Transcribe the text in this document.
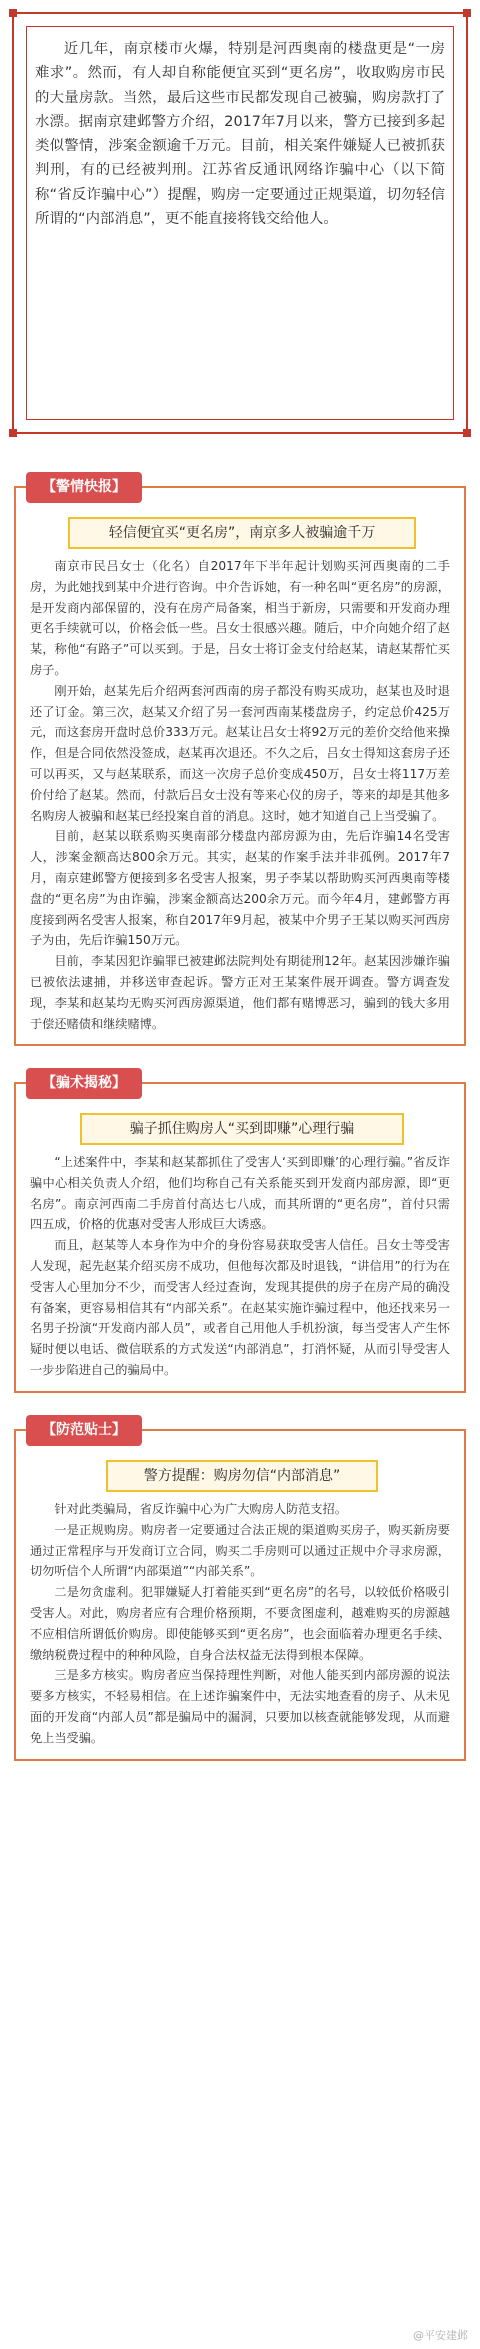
近几年，南京楼市火爆，特别是河西奥南的楼盘更是“一房难求”。然而，有人却自称能便宜买到“更名房”，收取购房市民的大量房款。当然，最后这些市民都发现自己被骗，购房款打了水漂。据南京建邺警方介绍，2017年7月以来，警方已接到多起类似警情，涉案金额逾千万元。目前，相关案件嫌疑人已被抓获判刑，有的已经被判刑。江苏省反通讯网络诈骗中心（以下简称“省反诈骗中心”）提醒，购房一定要通过正规渠道，切勿轻信所谓的“内部消息”，更不能直接将钱交给他人。

【警情快报】
轻信便宜买“更名房”，南京多人被骗逾千万

南京市民吕女士（化名）自2017年下半年起计划购买河西奥南的二手房，为此她找到某中介进行咨询。中介告诉她，有一种名叫“更名房”的房源，是开发商内部保留的，没有在房产局备案，相当于新房，只需要和开发商办理更名手续就可以，价格会低一些。吕女士很感兴趣。随后，中介向她介绍了赵某，称他“有路子”可以买到。于是，吕女士将订金支付给赵某，请赵某帮忙买房子。

刚开始，赵某先后介绍两套河西南的房子都没有购买成功，赵某也及时退还了订金。第三次，赵某又介绍了另一套河西南某楼盘房子，约定总价425万元，而这套房开盘时总价333万元。赵某让吕女士将92万元的差价交给他来操作，但是合同依然没签成，赵某再次退还。不久之后，吕女士得知这套房子还可以再买，又与赵某联系，而这一次房子总价变成450万，吕女士将117万差价付给了赵某。然而，付款后吕女士没有等来心仪的房子，等来的却是其他多名购房人被骗和赵某已经投案自首的消息。这时，她才知道自己上当受骗了。

目前，赵某以联系购买奥南部分楼盘内部房源为由，先后诈骗14名受害人，涉案金额高达800余万元。其实，赵某的作案手法并非孤例。2017年7月，南京建邺警方便接到多名受害人报案，男子李某以帮助购买河西奥南等楼盘的“更名房”为由诈骗，涉案金额高达200余万元。而今年4月，建邺警方再度接到两名受害人报案，称自2017年9月起，被某中介男子王某以购买河西房子为由，先后诈骗150万元。

目前，李某因犯诈骗罪已被建邺法院判处有期徒刑12年。赵某因涉嫌诈骗已被依法逮捕，并移送审查起诉。警方正对王某案件展开调查。警方调查发现，李某和赵某均无购买河西房源渠道，他们都有赌博恶习，骗到的钱大多用于偿还赌债和继续赌博。

【骗术揭秘】
骗子抓住购房人“买到即赚”心理行骗

“上述案件中，李某和赵某都抓住了受害人‘买到即赚’的心理行骗。”省反诈骗中心相关负责人介绍，他们均称自己有关系能买到开发商内部房源，即“更名房”。南京河西南二手房首付高达七八成，而其所谓的“更名房”，首付只需四五成，价格的优惠对受害人形成巨大诱惑。

而且，赵某等人本身作为中介的身份容易获取受害人信任。吕女士等受害人发现，起先赵某介绍买房不成功，但他每次都及时退钱，“讲信用”的行为在受害人心里加分不少，而受害人经过查询，发现其提供的房子在房产局的确没有备案，更容易相信其有“内部关系”。在赵某实施诈骗过程中，他还找来另一名男子扮演“开发商内部人员”，或者自己用他人手机扮演，每当受害人产生怀疑时便以电话、微信联系的方式发送“内部消息”，打消怀疑，从而引导受害人一步步陷进自己的骗局中。

【防范贴士】
警方提醒：购房勿信“内部消息”

针对此类骗局，省反诈骗中心为广大购房人防范支招。

一是正规购房。购房者一定要通过合法正规的渠道购买房子，购买新房要通过正常程序与开发商订立合同，购买二手房则可以通过正规中介寻求房源，切勿听信个人所谓“内部渠道”“内部关系”。

二是勿贪虚利。犯罪嫌疑人打着能买到“更名房”的名号，以较低价格吸引受害人。对此，购房者应有合理价格预期，不要贪图虚利，越难购买的房源越不应相信所谓低价购房。即使能够买到“更名房”，也会面临着办理更名手续、缴纳税费过程中的种种风险，自身合法权益无法得到根本保障。

三是多方核实。购房者应当保持理性判断，对他人能买到内部房源的说法要多方核实，不轻易相信。在上述诈骗案件中，无法实地查看的房子、从未见面的开发商“内部人员”都是骗局中的漏洞，只要加以核查就能够发现，从而避免上当受骗。

@平安建邺
